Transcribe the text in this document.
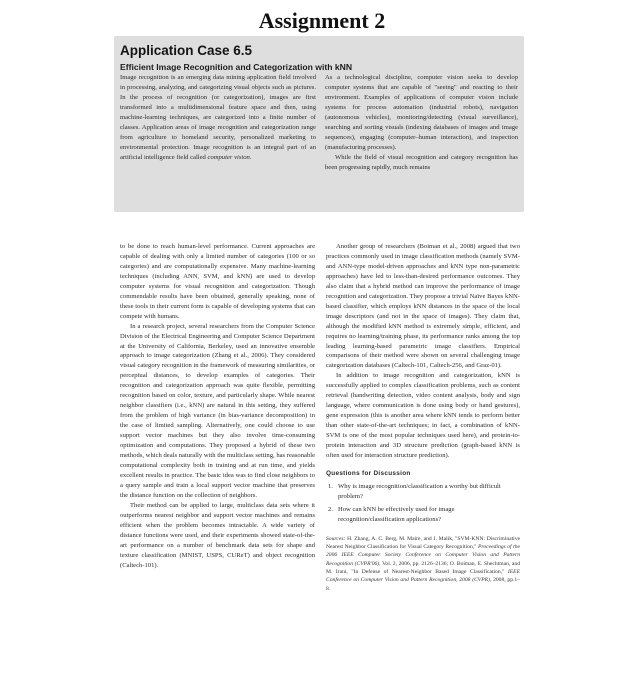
Assignment 2
Application Case 6.5
Efficient Image Recognition and Categorization with kNN

Image recognition is an emerging data mining application field involved in processing, analyzing, and categorizing visual objects such as pictures. In the process of recognition (or categorization), images are first transformed into a multidimensional feature space and then, using machine-learning techniques, are categorized into a finite number of classes. Application areas of image recognition and categorization range from agriculture to homeland security, personalized marketing to environmental protection. Image recognition is an integral part of an artificial intelligence field called computer vision.

As a technological discipline, computer vision seeks to develop computer systems that are capable of "seeing" and reacting to their environment. Examples of applications of computer vision include systems for process automation (industrial robots), navigation (autonomous vehicles), monitoring/detecting (visual surveillance), searching and sorting visuals (indexing databases of images and image sequences), engaging (computer–human interaction), and inspection (manufacturing processes).

While the field of visual recognition and category recognition has been progressing rapidly, much remains

to be done to reach human-level performance. Current approaches are capable of dealing with only a limited number of categories (100 or so categories) and are computationally expensive. Many machine-learning techniques (including ANN, SVM, and kNN) are used to develop computer systems for visual recognition and categorization. Though commendable results have been obtained, generally speaking, none of these tools in their current form is capable of developing systems that can compete with humans.

In a research project, several researchers from the Computer Science Division of the Electrical Engineering and Computer Science Department at the University of California, Berkeley, used an innovative ensemble approach to image categorization (Zhang et al., 2006). They considered visual category recognition in the framework of measuring similarities, or perceptual distances, to develop examples of categories. Their recognition and categorization approach was quite flexible, permitting recognition based on color, texture, and particularly shape. While nearest neighbor classifiers (i.e., kNN) are natural in this setting, they suffered from the problem of high variance (in bias-variance decomposition) in the case of limited sampling. Alternatively, one could choose to use support vector machines but they also involve time-consuming optimization and computations. They proposed a hybrid of these two methods, which deals naturally with the multiclass setting, has reasonable computational complexity both in training and at run time, and yields excellent results in practice. The basic idea was to find close neighbors to a query sample and train a local support vector machine that preserves the distance function on the collection of neighbors.

Their method can be applied to large, multiclass data sets where it outperforms nearest neighbor and support vector machines and remains efficient when the problem becomes intractable. A wide variety of distance functions were used, and their experiments showed state-of-the-art performance on a number of benchmark data sets for shape and texture classification (MNIST, USPS, CUReT) and object recognition (Caltech-101).

Another group of researchers (Boiman et al., 2008) argued that two practices commonly used in image classification methods (namely SVM- and ANN-type model-driven approaches and kNN type non-parametric approaches) have led to less-than-desired performance outcomes. They also claim that a hybrid method can improve the performance of image recognition and categorization. They propose a trivial Naïve Bayes kNN-based classifier, which employs kNN distances in the space of the local image descriptors (and not in the space of images). They claim that, although the modified kNN method is extremely simple, efficient, and requires no learning/training phase, its performance ranks among the top leading learning-based parametric image classifiers. Empirical comparisons of their method were shown on several challenging image categorization databases (Caltech-101, Caltech-256, and Graz-01).

In addition to image recognition and categorization, kNN is successfully applied to complex classification problems, such as content retrieval (handwriting detection, video content analysis, body and sign language, where communication is done using body or hand gestures), gene expression (this is another area where kNN tends to perform better than other state-of-the-art techniques; in fact, a combination of kNN-SVM is one of the most popular techniques used here), and protein-to-protein interaction and 3D structure prediction (graph-based kNN is often used for interaction structure prediction).

Questions for Discussion

1. Why is image recognition/classification a worthy but difficult problem?

2. How can kNN be effectively used for image recognition/classification applications?

Sources: H. Zhang, A. C. Berg, M. Maire, and J. Malik, "SVM-KNN: Discriminative Nearest Neighbor Classification for Visual Category Recognition," Proceedings of the 2006 IEEE Computer Society Conference on Computer Vision and Pattern Recognition (CVPR'06), Vol. 2, 2006, pp. 2126–2136; O. Boiman, E. Shechtman, and M. Irani, "In Defense of Nearest-Neighbor Based Image Classification," IEEE Conference on Computer Vision and Pattern Recognition, 2008 (CVPR), 2008, pp.1–8.
